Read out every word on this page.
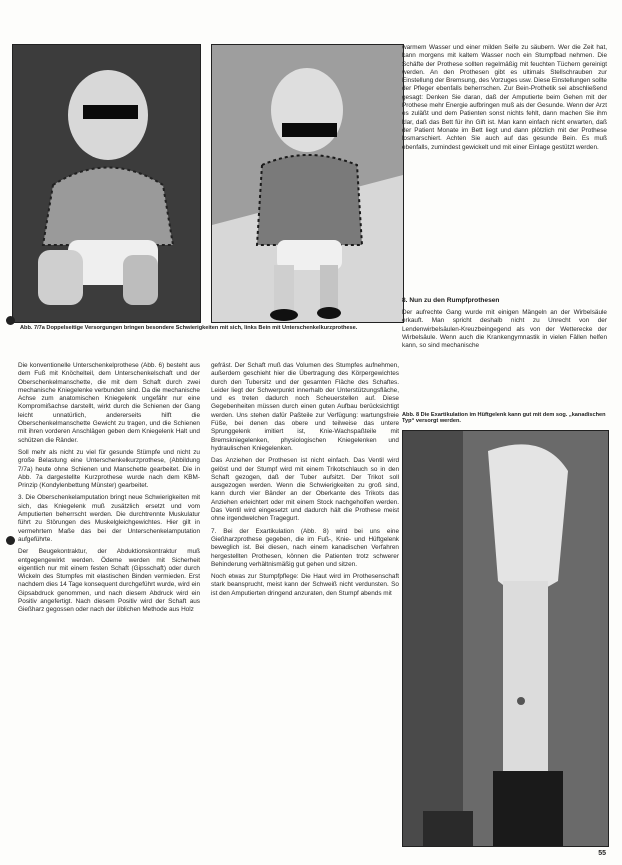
Abb. 7/7a Doppelseitige Versorgungen bringen besondere Schwierigkeiten mit sich, links Bein mit Unterschenkelkurzprothese.
Abb. 8 Die Exartikulation im Hüftgelenk kann gut mit dem sog. „kanadischen Typ“ versorgt werden.

Die konventionelle Unterschenkelprothese (Abb. 6) besteht aus dem Fuß mit Knöchelteil, dem Unterschenkelschaft und der Oberschenkelmanschette, die mit dem Schaft durch zwei mechanische Kniegelenke verbunden sind. Da die mechanische Achse zum anatomischen Kniegelenk ungefähr nur eine Kompromißachse darstellt, wirkt durch die Schienen der Gang leicht unnatürlich, andererseits hilft die Oberschenkelmanschette Gewicht zu tragen, und die Schienen mit ihren vorderen Anschlägen geben dem Kniegelenk Halt und schützen die Ränder.

Soll mehr als nicht zu viel für gesunde Stümpfe und nicht zu große Belastung eine Unterschenkelkurzprothese, (Abbildung 7/7a) heute ohne Schienen und Manschette gearbeitet. Die in Abb. 7a dargestellte Kurzprothese wurde nach dem KBM-Prinzip (Kondylenbettung Münster) gearbeitet.

3. Die Oberschenkelamputation bringt neue Schwierigkeiten mit sich, das Kniegelenk muß zusätzlich ersetzt und vom Amputierten beherrscht werden. Die durchtrennte Muskulatur führt zu Störungen des Muskelgleichgewichtes. Hier gilt in vermehrtem Maße das bei der Unterschenkelamputation aufgeführte.

Der Beugekontraktur, der Abduktionskontraktur muß entgegengewirkt werden. Ödeme werden mit Sicherheit eigentlich nur mit einem festen Schaft (Gipsschaft) oder durch Wickeln des Stumpfes mit elastischen Binden vermieden. Erst nachdem dies 14 Tage konsequent durchgeführt wurde, wird ein Gipsabdruck genommen, und nach diesem Abdruck wird ein Positiv angefertigt. Nach diesem Positiv wird der Schaft aus Gießharz gegossen oder nach der üblichen Methode aus Holz

gefräst. Der Schaft muß das Volumen des Stumpfes aufnehmen, außerdem geschieht hier die Übertragung des Körpergewichtes durch den Tubersitz und der gesamten Fläche des Schaftes. Leider liegt der Schwerpunkt innerhalb der Unterstützungsfläche, und es treten dadurch noch Scheuerstellen auf. Diese Gegebenheiten müssen durch einen guten Aufbau berücksichtigt werden. Uns stehen dafür Paßteile zur Verfügung: wartungsfreie Füße, bei denen das obere und teilweise das untere Sprunggelenk imitiert ist, Knie-Wachspaßteile mit Bremskniegelenken, physiologischen Kniegelenken und hydraulischen Kniegelenken.

Das Anziehen der Prothesen ist nicht einfach. Das Ventil wird gelöst und der Stumpf wird mit einem Trikotschlauch so in den Schaft gezogen, daß der Tuber aufsitzt. Der Trikot soll ausgezogen werden. Wenn die Schwierigkeiten zu groß sind, kann durch vier Bänder an der Oberkante des Trikots das Anziehen erleichtert oder mit einem Stock nachgeholfen werden. Das Ventil wird eingesetzt und dadurch hält die Prothese meist ohne irgendwelchen Tragegurt.

7. Bei der Exartikulation (Abb. 8) wird bei uns eine Gießharzprothese gegeben, die im Fuß-, Knie- und Hüftgelenk beweglich ist. Bei diesen, nach einem kanadischen Verfahren hergestellten Prothesen, können die Patienten trotz schwerer Behinderung verhältnismäßig gut gehen und sitzen.

Noch etwas zur Stumpfpflege: Die Haut wird im Prothesenschaft stark beansprucht, meist kann der Schweiß nicht verdunsten. So ist den Amputierten dringend anzuraten, den Stumpf abends mit

warmem Wasser und einer milden Seife zu säubern. Wer die Zeit hat, kann morgens mit kaltem Wasser noch ein Stumpfbad nehmen. Die Schäfte der Prothese sollten regelmäßig mit feuchten Tüchern gereinigt werden. An den Prothesen gibt es ultimals Stellschrauben zur Einstellung der Bremsung, des Vorzuges usw. Diese Einstellungen sollte der Pfleger ebenfalls beherrschen. Zur Bein-Prothetik sei abschließend gesagt: Denken Sie daran, daß der Amputierte beim Gehen mit der Prothese mehr Energie aufbringen muß als der Gesunde. Wenn der Arzt es zuläßt und dem Patienten sonst nichts fehlt, dann machen Sie ihm klar, daß das Bett für ihn Gift ist. Man kann einfach nicht erwarten, daß der Patient Monate im Bett liegt und dann plötzlich mit der Prothese losmarschiert. Achten Sie auch auf das gesunde Bein. Es muß ebenfalls, zumindest gewickelt und mit einer Einlage gestützt werden.

8. Nun zu den Rumpfprothesen

Der aufrechte Gang wurde mit einigen Mängeln an der Wirbelsäule erkauft. Man spricht deshalb nicht zu Unrecht von der Lendenwirbelsäulen-Kreuzbeingegend als von der Wetterecke der Wirbelsäule. Wenn auch die Krankengymnastik in vielen Fällen helfen kann, so sind mechanische

55
